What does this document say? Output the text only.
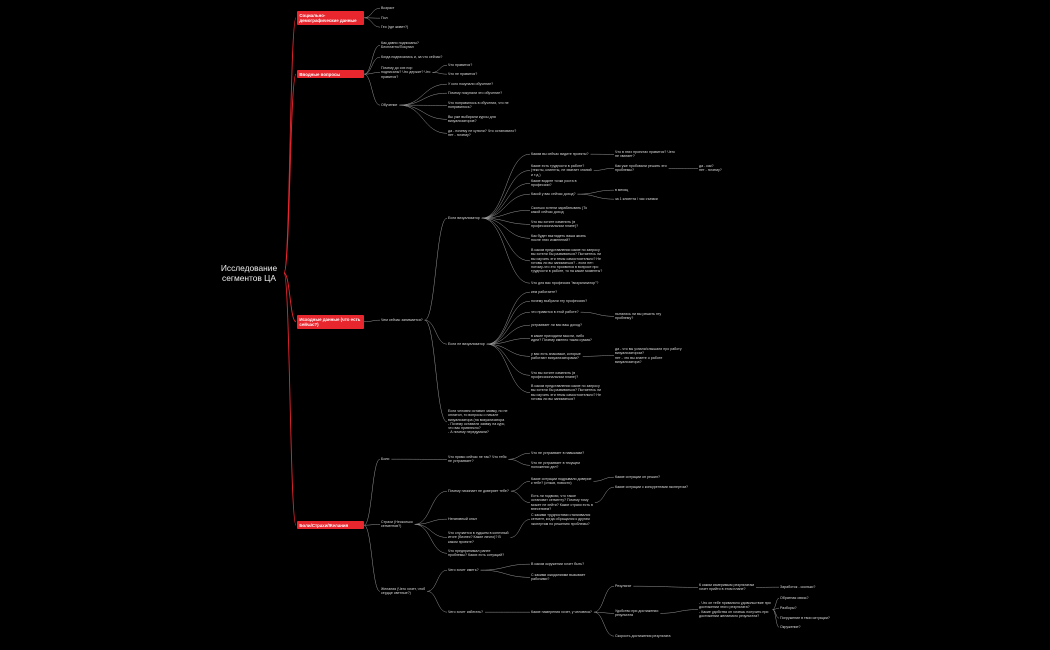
Исследование
сегментов ЦА
Социально-демографические данные
Возраст
Пол
Гео (где живет?)
Вводные вопросы
Как давно подписаны? Бесплатно/Покупал
Когда подписались и, за что сейчас?
Почему до сих пор подписаны? Что держит? Что нравится?
Что нравится?
Что не нравится?
Обучение
У кого покупали обучение?
Почему покупали это обучение?
Что понравилось в обучении, что не понравилось?
Вы уже выбирали курсы для визуализаторов?
да - почему не купили? Что остановило?
нет - почему?
Исходные данные (что есть сейчас?)
Чем сейчас занимается?
Если визуализатор
Каким вы сейчас видите проекты?	Что в этих проектах нравится? Чего не хватает?
Какие есть трудности в работе? (тексты, клиенты, не хватает знаний и т.д.)
Как уже пробовали решить эти проблемы?
да - как?
нет - почему?
Какие видите точки роста в профессии?
Какой у вас сейчас доход?
в месяц
за 1 клиента / час съемки
Сколько хотели зарабатывать (То какой сейчас доход
Что вы хотите изменить (в профессиональном плане)?
Как будет выглядеть ваша жизнь после этих изменений?
В каком представлении какие по запросу вы хотели бы развиваться? Пытаетесь ли вы изучить эти темы самостоятельно? Не готовы ли вы заниматься? - если нет: потому-что это проявится в вопросе про трудности в работе, то на какие моменты?
Что для вас профессия "визуализатор"?
Если не визуализатор
кем работаете?
почему выбрали эту профессию?
что нравится в этой работе?	пытались ли вы решить эту проблему?
устраивает ли вас ваш доход?
в какие приходили мысли, либо идеи? Почему именно такая сумма?
у вас есть знакомые, которые работают визуализаторами?
да - что вы узнали/слышали про работу визуализатором?
нет - что вы знаете о работе визуализатора?
Что вы хотите изменить (в профессиональном плане)?
В каком представлении какие по запросу вы хотели бы развиваться? Пытаетесь ли вы изучить эти темы самостоятельно? Не готовы ли вы заниматься?
Если человек оставил заявку, но не оплатил, то вопросы о начале визуализатора (на визуализатора
- Почему оставили заявку на курс, что вас привлекло?
- А почему передумали?
Боли/Страхи/Желания
Боли	Что прямо сейчас не так? Что тебя не устраивает?
Что не устраивает в навыками?
Что не устраивает в текущем положении дел?
Страхи (Несколько сегментов?)
Почему начинает не доверяет тебе?
Какие ситуации подрывали доверие к тебе? (отзыв, новости)
Какие ситуации он решил?
Есть ли подвохи, что такое остановит сегменту? Почему тому может не хейти? Какие страхи есть в внесением?
Какие ситуации с конкурентами экспертом?
Негативный опыт
Что случается в худшем в конечный итоге (бизнес? Какие лично)? В каком проекте?
С какими трудностями сталкивался сегмент, когда обращался к другим экспертам по решению проблемы?
Что предпринимал ранее проблемы? Каких есть ситуаций?
Желания (Чего хочет, чтоб сердце светлые?)
Чего хочет иметь?
В каком окружении хочет быть?
С какими ожиданиями вызывает рабочими?
Чего хочет избегать?	Какие намерения хочет, у человека?
Результат	К каким измеримым результатам хочет прийти в этом плане?
Заработок - сколько?
Удобство при достижении результата
- Что он тебе привалило удовольствие при достижении этого результата?
- Какие удобства он хочешь получить при достижении желаемого результата?
Обратная связь?
Разборы?
Погружение в твои ситуации?
Окружение?
Скорость достижения результата
